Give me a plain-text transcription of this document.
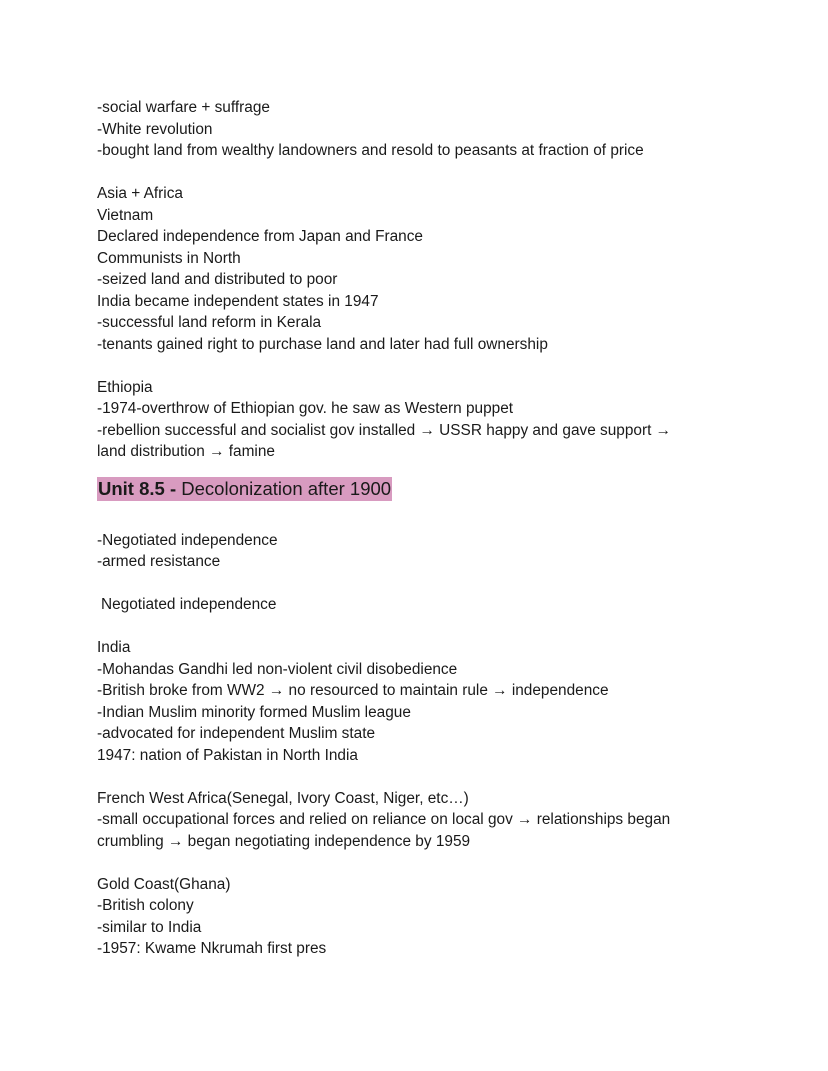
-social warfare + suffrage

-White revolution

-bought land from wealthy landowners and resold to peasants at fraction of price

Asia + Africa

Vietnam

Declared independence from Japan and France

Communists in North

-seized land and distributed to poor

India became independent states in 1947

-successful land reform in Kerala

-tenants gained right to purchase land and later had full ownership

Ethiopia

-1974-overthrow of Ethiopian gov. he saw as Western puppet

-rebellion successful and socialist gov installed → USSR happy and gave support →

land distribution → famine

Unit 8.5 - Decolonization after 1900

-Negotiated independence

-armed resistance

Negotiated independence

India

-Mohandas Gandhi led non-violent civil disobedience

-British broke from WW2 → no resourced to maintain rule → independence

-Indian Muslim minority formed Muslim league

-advocated for independent Muslim state

1947: nation of Pakistan in North India

French West Africa(Senegal, Ivory Coast, Niger, etc…)

-small occupational forces and relied on reliance on local gov → relationships began

crumbling → began negotiating independence by 1959

Gold Coast(Ghana)

-British colony

-similar to India

-1957: Kwame Nkrumah first pres
